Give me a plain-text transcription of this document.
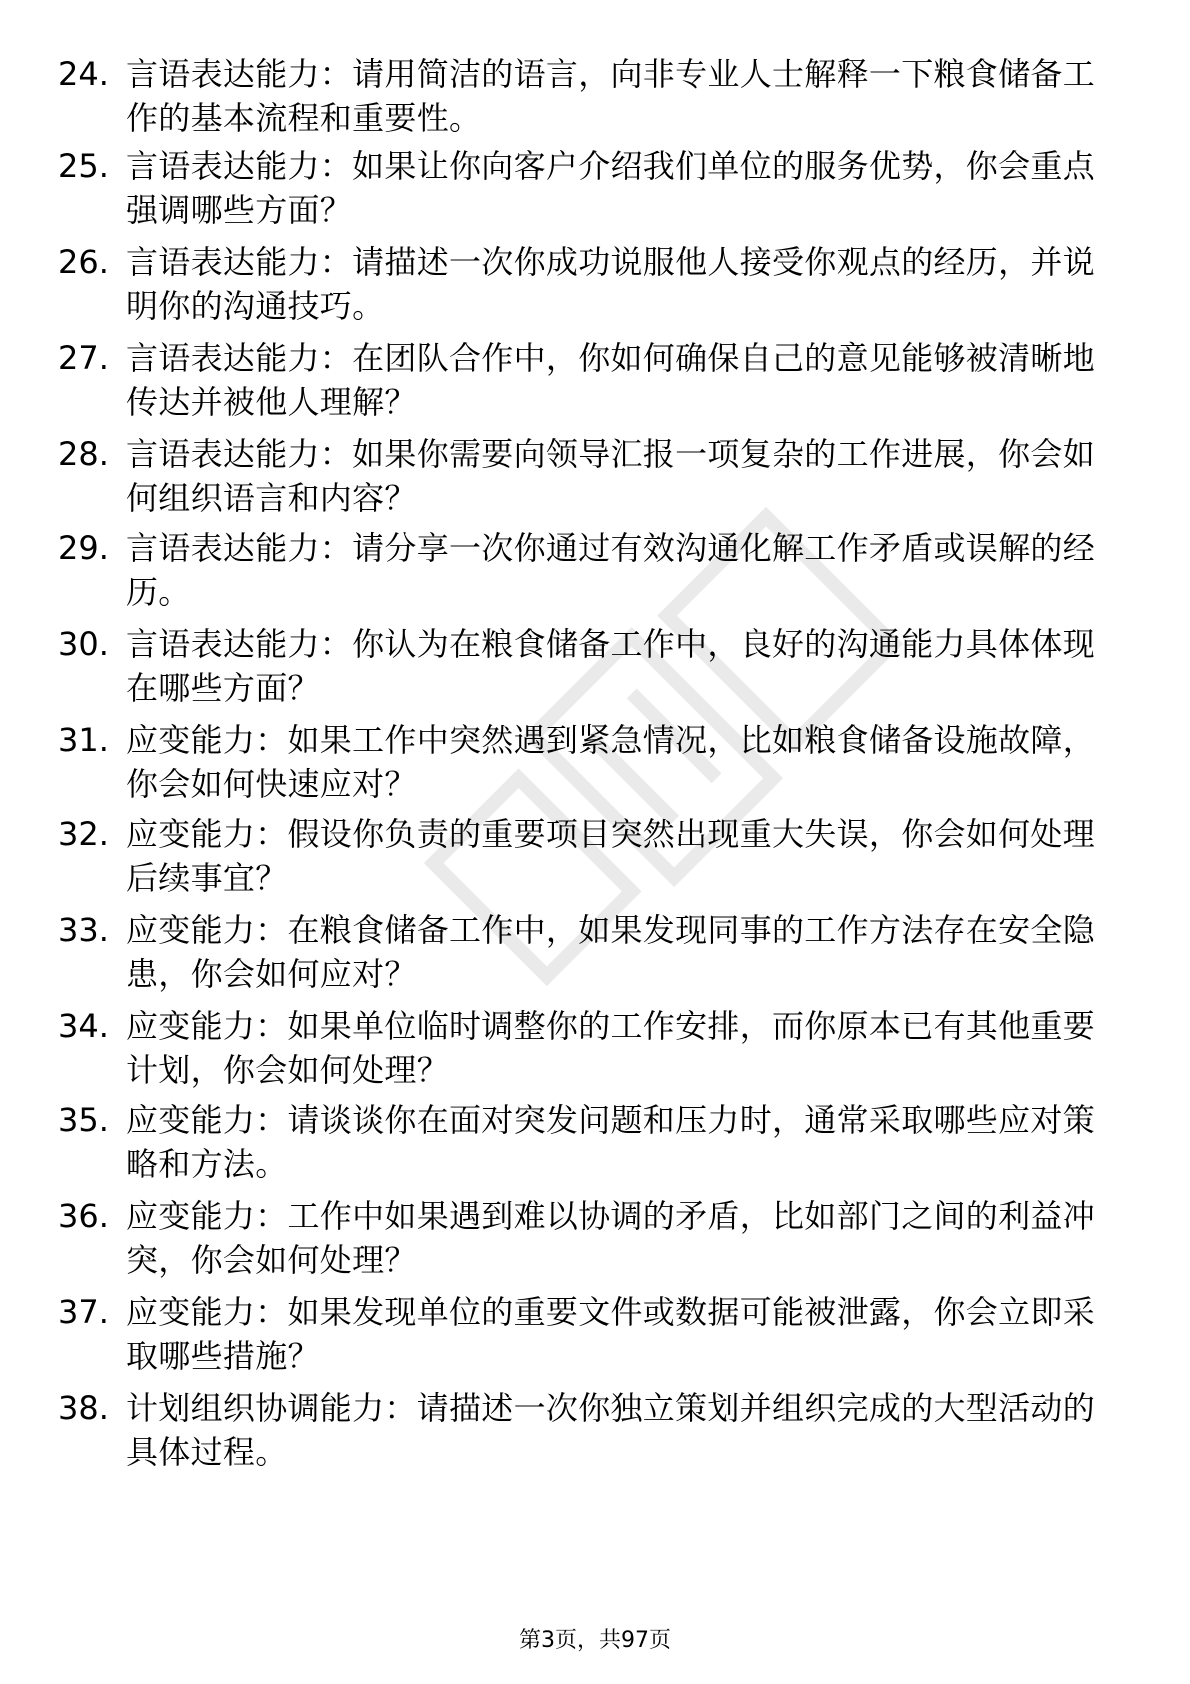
24. 言语表达能力：请用简洁的语言，向非专业人士解释一下粮食储备工作的基本流程和重要性。
25. 言语表达能力：如果让你向客户介绍我们单位的服务优势，你会重点强调哪些方面？
26. 言语表达能力：请描述一次你成功说服他人接受你观点的经历，并说明你的沟通技巧。
27. 言语表达能力：在团队合作中，你如何确保自己的意见能够被清晰地传达并被他人理解？
28. 言语表达能力：如果你需要向领导汇报一项复杂的工作进展，你会如何组织语言和内容？
29. 言语表达能力：请分享一次你通过有效沟通化解工作矛盾或误解的经历。
30. 言语表达能力：你认为在粮食储备工作中，良好的沟通能力具体体现在哪些方面？
31. 应变能力：如果工作中突然遇到紧急情况，比如粮食储备设施故障，你会如何快速应对？
32. 应变能力：假设你负责的重要项目突然出现重大失误，你会如何处理后续事宜？
33. 应变能力：在粮食储备工作中，如果发现同事的工作方法存在安全隐患，你会如何应对？
34. 应变能力：如果单位临时调整你的工作安排，而你原本已有其他重要计划，你会如何处理？
35. 应变能力：请谈谈你在面对突发问题和压力时，通常采取哪些应对策略和方法。
36. 应变能力：工作中如果遇到难以协调的矛盾，比如部门之间的利益冲突，你会如何处理？
37. 应变能力：如果发现单位的重要文件或数据可能被泄露，你会立即采取哪些措施？
38. 计划组织协调能力：请描述一次你独立策划并组织完成的大型活动的具体过程。
第3页，共97页
